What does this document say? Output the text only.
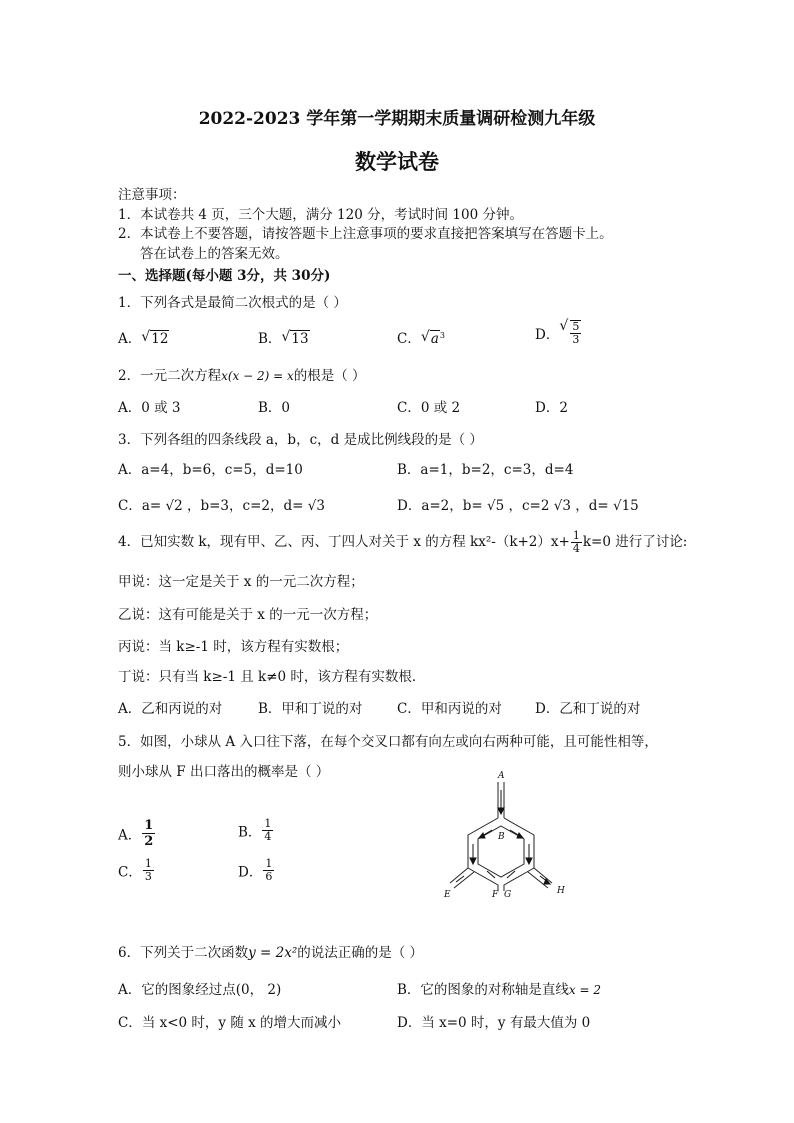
2022-2023 学年第一学期期末质量调研检测九年级
数学试卷
注意事项：
1．本试卷共 4 页，三个大题，满分 120 分，考试时间 100 分钟。
2．本试卷上不要答题，请按答题卡上注意事项的要求直接把答案填写在答题卡上。
答在试卷上的答案无效。
一、选择题(每小题 3分，共 30分)
1．下列各式是最简二次根式的是（ ）
A． √ 12	B． √ 13	C． √ $a^3$	D． √ $\frac{5}{3}$
2．一元二次方程x(x − 2) = x的根是（ ）
A．0 或 3	B．0	C．0 或 2	D．2
3．下列各组的四条线段 a，b，c，d 是成比例线段的是（ ）
A．a=4，b=6，c=5，d=10	B．a=1，b=2，c=3，d=4
C．a= √2 ，b=3，c=2，d= √3	D．a=2，b= √5 ，c=2 √3 ，d= √15
4．已知实数 k，现有甲、乙、丙、丁四人对关于 x 的方程 $kx^2-(k+2)x+ \frac{1}{4} k=0$ 进行了讨论:
甲说：这一定是关于 x 的一元二次方程；
乙说：这有可能是关于 x 的一元一次方程；
丙说：当 k≥-1 时，该方程有实数根；
丁说：只有当 k≥-1 且 k≠0 时，该方程有实数根．
A．乙和丙说的对	B．甲和丁说的对	C．甲和丙说的对 D．乙和丁说的对
5．如图，小球从 A 入口往下落，在每个交叉口都有向左或向右两种可能，且可能性相等，
则小球从 F 出口落出的概率是（ ）
A． $\frac{1}{2}$	B． $\frac{1}{4}$
C． $\frac{1}{3}$	D． $\frac{1}{6}$
A
B
E	F G	H
6．下列关于二次函数y = 2x²的说法正确的是（ ）
A．它的图象经过点(0， 2)	B．它的图象的对称轴是直线x = 2
C．当 x<0 时，y 随 x 的增大而减小	D．当 x=0 时，y 有最大值为 0
